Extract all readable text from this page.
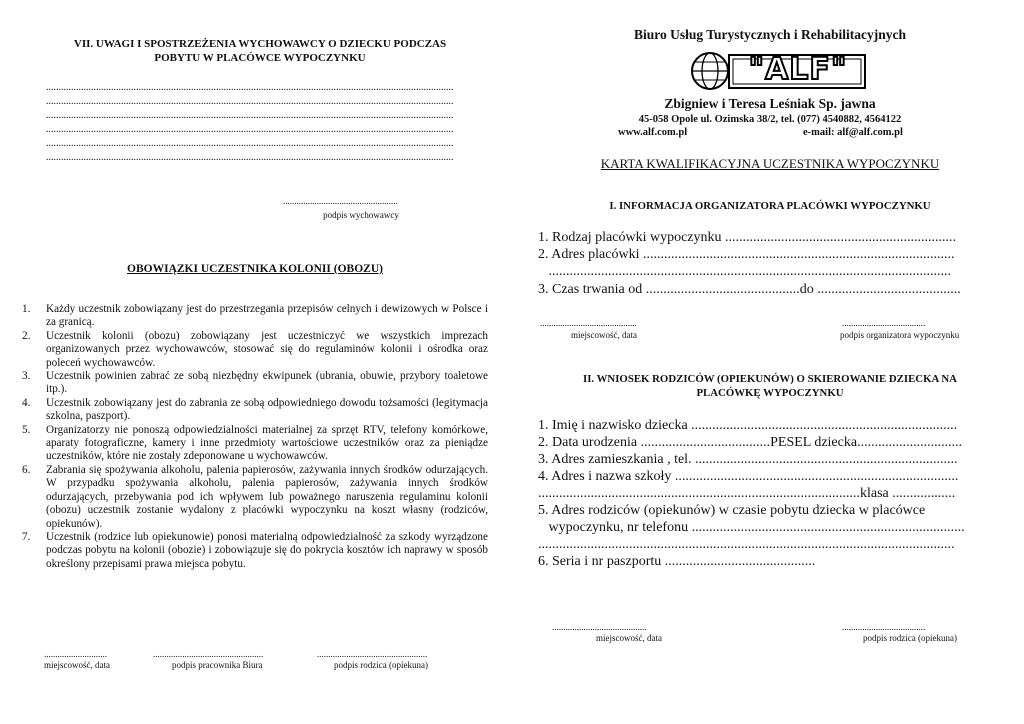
VII. UWAGI I SPOSTRZEŻENIA WYCHOWAWCY O DZIECKU PODCZAS
POBYTU W PLACÓWCE WYPOCZYNKU
...................................................................................................................................................................
...................................................................................................................................................................
...................................................................................................................................................................
...................................................................................................................................................................
...................................................................................................................................................................
...................................................................................................................................................................
...................................................
podpis wychowawcy
OBOWIĄZKI UCZESTNIKA KOLONII (OBOZU)
1. Każdy uczestnik zobowiązany jest do przestrzegania przepisów celnych i dewizowych w Polsce i za granicą.
2. Uczestnik kolonii (obozu) zobowiązany jest uczestniczyć we wszystkich imprezach organizowanych przez wychowawców, stosować się do regulaminów kolonii i ośrodka oraz poleceń wychowawców.
3. Uczestnik powinien zabrać ze sobą niezbędny ekwipunek (ubrania, obuwie, przybory toaletowe itp.).
4. Uczestnik zobowiązany jest do zabrania ze sobą odpowiedniego dowodu tożsamości (legitymacja szkolna, paszport).
5. Organizatorzy nie ponoszą odpowiedzialności materialnej za sprzęt RTV, telefony komórkowe, aparaty fotograficzne, kamery i inne przedmioty wartościowe uczestników oraz za pieniądze uczestników, które nie zostały zdeponowane u wychowawców.
6. Zabrania się spożywania alkoholu, palenia papierosów, zażywania innych środków odurzających. W przypadku spożywania alkoholu, palenia papierosów, zażywania innych środków odurzających, przebywania pod ich wpływem lub poważnego naruszenia regulaminu kolonii (obozu) uczestnik zostanie wydalony z placówki wypoczynku na koszt własny (rodziców, opiekunów).
7. Uczestnik (rodzice lub opiekunowie) ponosi materialną odpowiedzialność za szkody wyrządzone podczas pobytu na kolonii (obozie) i zobowiązuje się do pokrycia kosztów ich naprawy w sposób określony przepisami prawa miejsca pobytu.
............................
miejscowość, data
.................................................
podpis pracownika Biura
.................................................
podpis rodzica (opiekuna)
Biuro Usług Turystycznych i Rehabilitacyjnych
"ALF"
Zbigniew i Teresa Leśniak Sp. jawna
45-058 Opole ul. Ozimska 38/2, tel. (077) 4540882, 4564122
www.alf.com.pl	e-mail: alf@alf.com.pl
KARTA KWALIFIKACYJNA UCZESTNIKA WYPOCZYNKU
I. INFORMACJA ORGANIZATORA PLACÓWKI WYPOCZYNKU
1. Rodzaj placówki wypoczynku ..................................................................
2. Adres placówki .........................................................................................
...................................................................................................................
3. Czas trwania od ............................................do .........................................
...........................................
miejscowość, data
.....................................
podpis organizatora wypoczynku
II. WNIOSEK RODZICÓW (OPIEKUNÓW) O SKIEROWANIE DZIECKA NA
PLACÓWKĘ WYPOCZYNKU
1. Imię i nazwisko dziecka ............................................................................
2. Data urodzenia .....................................PESEL dziecka..............................
3. Adres zamieszkania , tel. ...........................................................................
4. Adres i nazwa szkoły .................................................................................
............................................................................................klasa ..................
5. Adres rodziców (opiekunów) w czasie pobytu dziecka w placówce
wypoczynku, nr telefonu ..............................................................................
.......................................................................................................................
6. Seria i nr paszportu ...........................................
..........................................
miejscowość, data
.....................................
podpis rodzica (opiekuna)
